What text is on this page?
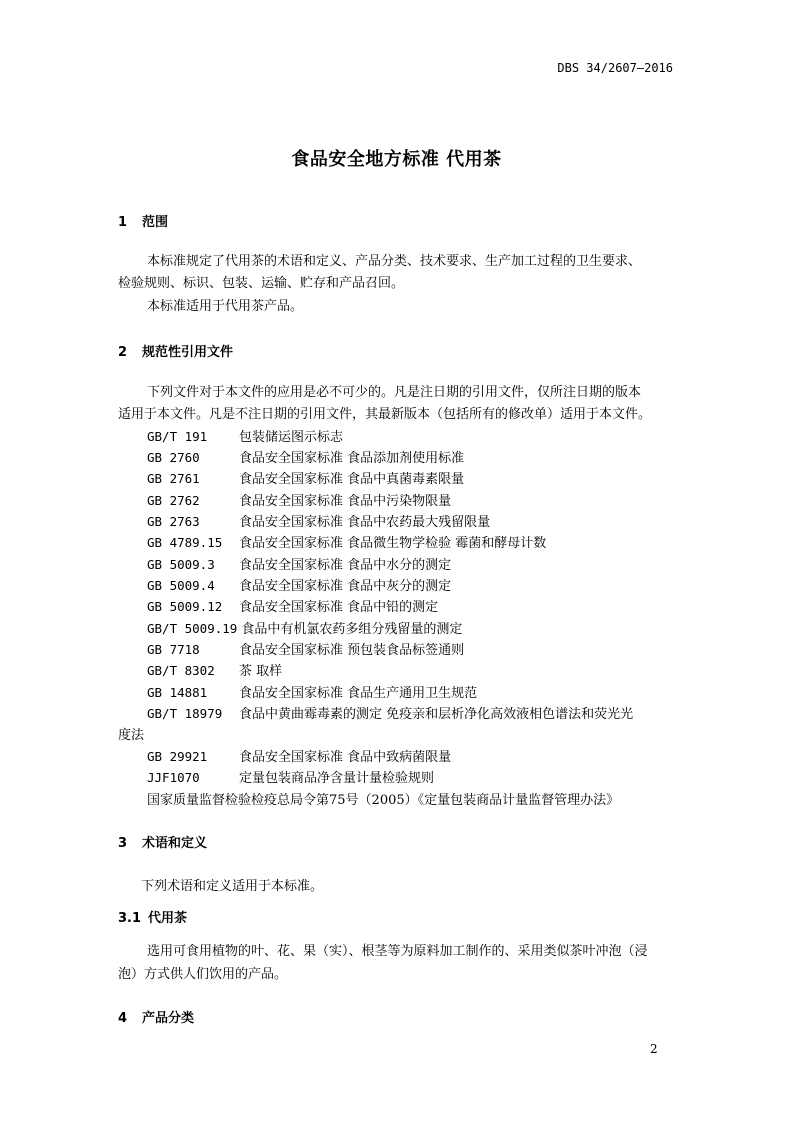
DBS 34/2607—2016
食品安全地方标准 代用茶
1 范围
本标准规定了代用茶的术语和定义、产品分类、技术要求、生产加工过程的卫生要求、
检验规则、标识、包装、运输、贮存和产品召回。
本标准适用于代用茶产品。
2 规范性引用文件
下列文件对于本文件的应用是必不可少的。凡是注日期的引用文件，仅所注日期的版本
适用于本文件。凡是不注日期的引用文件，其最新版本（包括所有的修改单）适用于本文件。
GB/T 191 包装储运图示标志
GB 2760	食品安全国家标准 食品添加剂使用标准
GB 2761	食品安全国家标准 食品中真菌毒素限量
GB 2762	食品安全国家标准 食品中污染物限量
GB 2763	食品安全国家标准 食品中农药最大残留限量
GB 4789.15 食品安全国家标准 食品微生物学检验 霉菌和酵母计数
GB 5009.3 食品安全国家标准 食品中水分的测定
GB 5009.4 食品安全国家标准 食品中灰分的测定
GB 5009.12 食品安全国家标准 食品中铅的测定
GB/T 5009.19 食品中有机氯农药多组分残留量的测定
GB 7718	食品安全国家标准 预包装食品标签通则
GB/T 8302 茶 取样
GB 14881 食品安全国家标准 食品生产通用卫生规范
GB/T 18979 食品中黄曲霉毒素的测定 免疫亲和层析净化高效液相色谱法和荧光光
度法
GB 29921 食品安全国家标准 食品中致病菌限量
JJF1070	定量包装商品净含量计量检验规则
国家质量监督检验检疫总局令第75号（2005）《定量包装商品计量监督管理办法》
3 术语和定义
下列术语和定义适用于本标准。
3.1 代用茶
选用可食用植物的叶、花、果（实）、根茎等为原料加工制作的、采用类似茶叶冲泡（浸
泡）方式供人们饮用的产品。
4 产品分类
2
